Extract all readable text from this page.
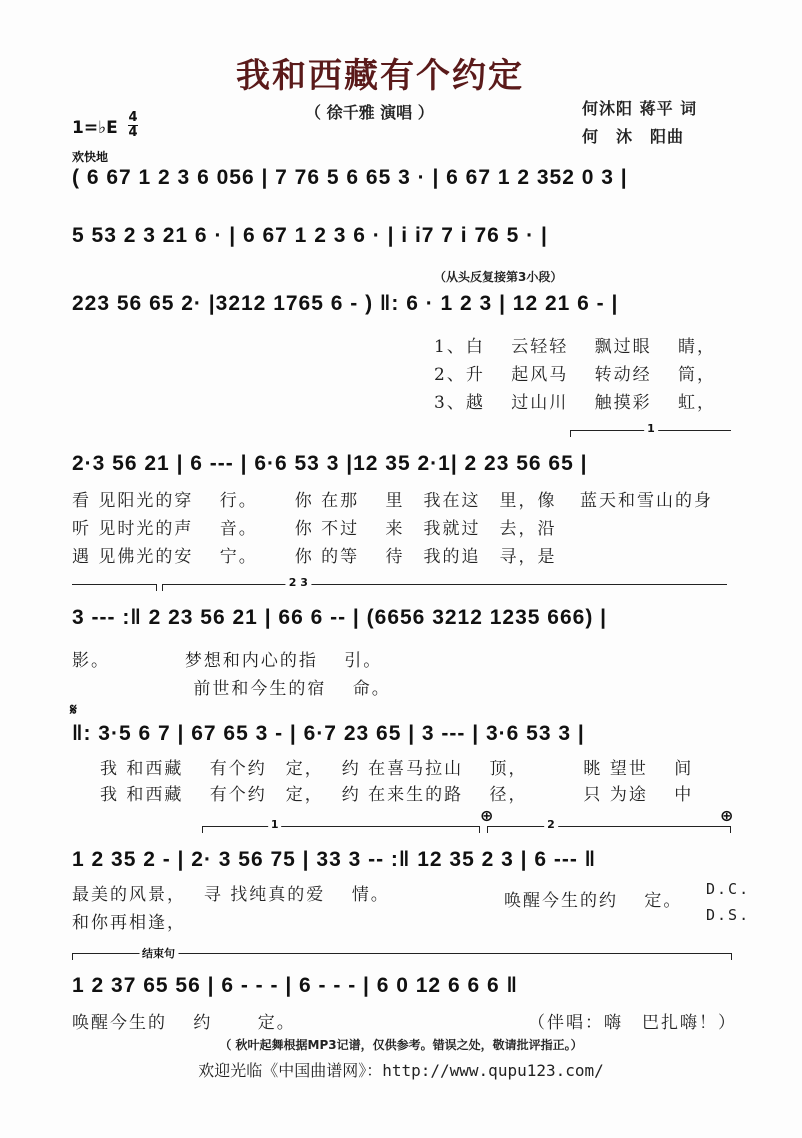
我和西藏有个约定
（ 徐千雅 演唱 ）	何沐阳 蒋平 词
何　沐　阳曲
1=♭E
4
4
欢快地
( 6 67 1 2 3 6 056 | 7 76 5 6 65 3 · | 6 67 1 2 352 0 3 |
5 53 2 3 21 6 · | 6 67 1 2 3 6 · | i i7 7 i 76 5 · |
（从头反复接第3小段）
223 56 65 2· |3212 1765 6 - ) ‖: 6 · 1 2 3 | 12 21 6 - |
1、白　 云轻轻　 飘过眼　 睛，
2、升　 起风马　 转动经　 筒，
3、越　 过山川　 触摸彩　 虹，
1
2·3 56 21 | 6 --- | 6·6 53 3 |12 35 2·1| 2 23 56 65 |
看 见阳光的穿　 行。　　 你 在那　 里　我在这　里，像 蓝天和雪山的身
听 见时光的声　 音。　　 你 不过　 来　我就过　去，沿
遇 见佛光的安　 宁。　　 你 的等　 待　我的追　寻，是
2 3
3 --- :‖ 2 23 56 21 | 66 6 -- | (6656 3212 1235 666) |
影。　　　　 梦想和内心的指　 引。
　　　　　　 前世和今生的宿　 命。
𝄋
‖: 3·5 6 7 | 67 65 3 - | 6·7 23 65 | 3 --- | 3·6 53 3 |
我 和西藏　 有个约　定，　 约 在喜马拉山　 顶，　　　 眺 望世　 间
我 和西藏　 有个约　定，　 约 在来生的路　 径，　　　 只 为途　 中
1	⊕	2	⊕
1 2 35 2 - | 2· 3 56 75 | 33 3 -- :‖ 12 35 2 3 | 6 --- ‖
最美的风景，　 寻 找纯真的爱　 情。
和你再相逢，
唤醒今生的约　 定。
D.C.
D.S.
结束句
1 2 37 65 56 | 6 - - - | 6 - - - | 6 0 12 6 6 6 ‖
唤醒今生的　 约　　 定。	（伴唱：嗨　巴扎嗨！）
（ 秋叶起舞根据MP3记谱，仅供参考。错误之处，敬请批评指正。）
欢迎光临《中国曲谱网》：http://www.qupu123.com/
